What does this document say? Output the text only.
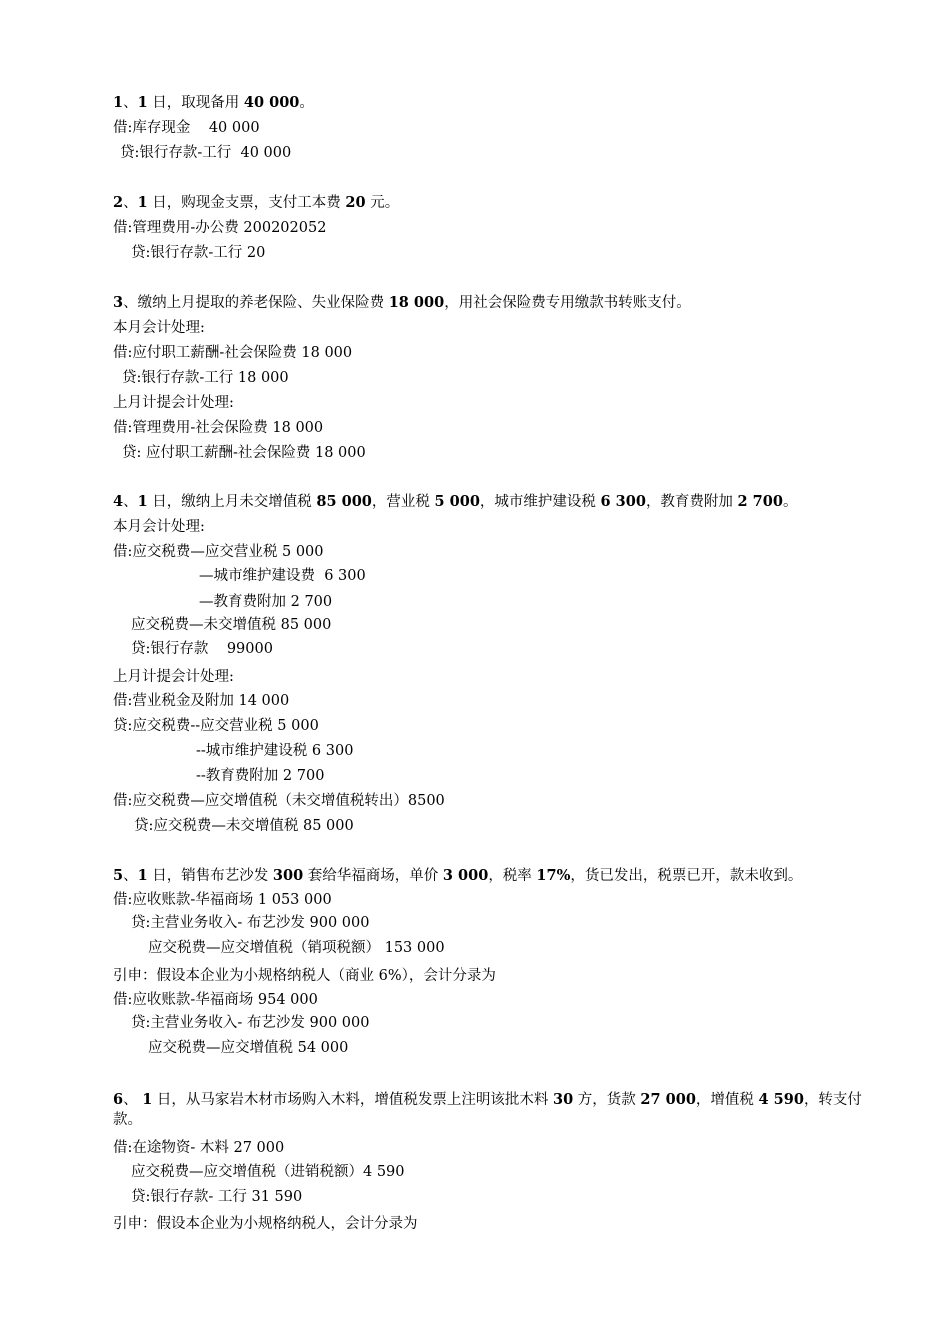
1、1 日，取现备用 40 000。
借:库存现金    40 000
贷:银行存款-工行  40 000
2、1 日，购现金支票，支付工本费 20 元。
借:管理费用-办公费 200202052
贷:银行存款-工行 20
3、缴纳上月提取的养老保险、失业保险费 18 000，用社会保险费专用缴款书转账支付。
本月会计处理:
借:应付职工薪酬-社会保险费 18 000
贷:银行存款-工行 18 000
上月计提会计处理:
借:管理费用-社会保险费 18 000
贷: 应付职工薪酬-社会保险费 18 000
4、1 日，缴纳上月未交增值税 85 000，营业税 5 000，城市维护建设税 6 300，教育费附加 2 700。
本月会计处理:
借:应交税费—应交营业税 5 000
—城市维护建设费  6 300
—教育费附加 2 700
应交税费—未交增值税 85 000
贷:银行存款    99000
上月计提会计处理:
借:营业税金及附加 14 000
贷:应交税费--应交营业税 5 000
--城市维护建设税 6 300
--教育费附加 2 700
借:应交税费—应交增值税（未交增值税转出）8500
贷:应交税费—未交增值税 85 000
5、1 日，销售布艺沙发 300 套给华福商场，单价 3 000，税率 17%，货已发出，税票已开，款未收到。
借:应收账款-华福商场 1 053 000
贷:主营业务收入- 布艺沙发 900 000
应交税费—应交增值税（销项税额） 153 000
引申：假设本企业为小规格纳税人（商业 6%），会计分录为
借:应收账款-华福商场 954 000
贷:主营业务收入- 布艺沙发 900 000
应交税费—应交增值税 54 000
6、 1 日，从马家岩木材市场购入木料，增值税发票上注明该批木料 30 方，货款 27 000，增值税 4 590，转支付款。
借:在途物资- 木料 27 000
应交税费—应交增值税（进销税额）4 590
贷:银行存款- 工行 31 590
引申：假设本企业为小规格纳税人，会计分录为
